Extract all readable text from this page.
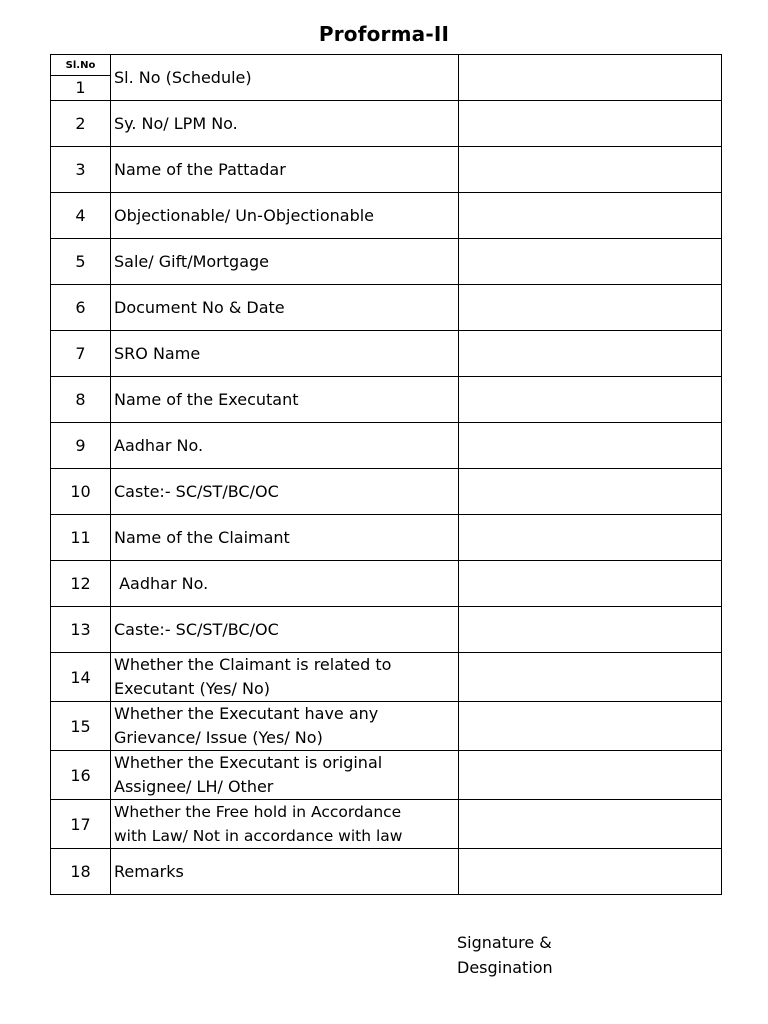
Proforma-II
Sl.No
1	Sl. No (Schedule)	
2	Sy. No/ LPM No.	
3	Name of the Pattadar	
4	Objectionable/ Un-Objectionable	
5	Sale/ Gift/Mortgage	
6	Document No & Date	
7	SRO Name	
8	Name of the Executant	
9	Aadhar No.	
10	Caste:- SC/ST/BC/OC	
11	Name of the Claimant	
12	Aadhar No.	
13	Caste:- SC/ST/BC/OC	
14	Whether the Claimant is related to
Executant (Yes/ No)	

15	Whether the Executant have any
Grievance/ Issue (Yes/ No)	

16	Whether the Executant is original
Assignee/ LH/ Other	

17	Whether the Free hold in Accordance
with Law/ Not in accordance with law	

18	Remarks	
Signature &
Desgination
